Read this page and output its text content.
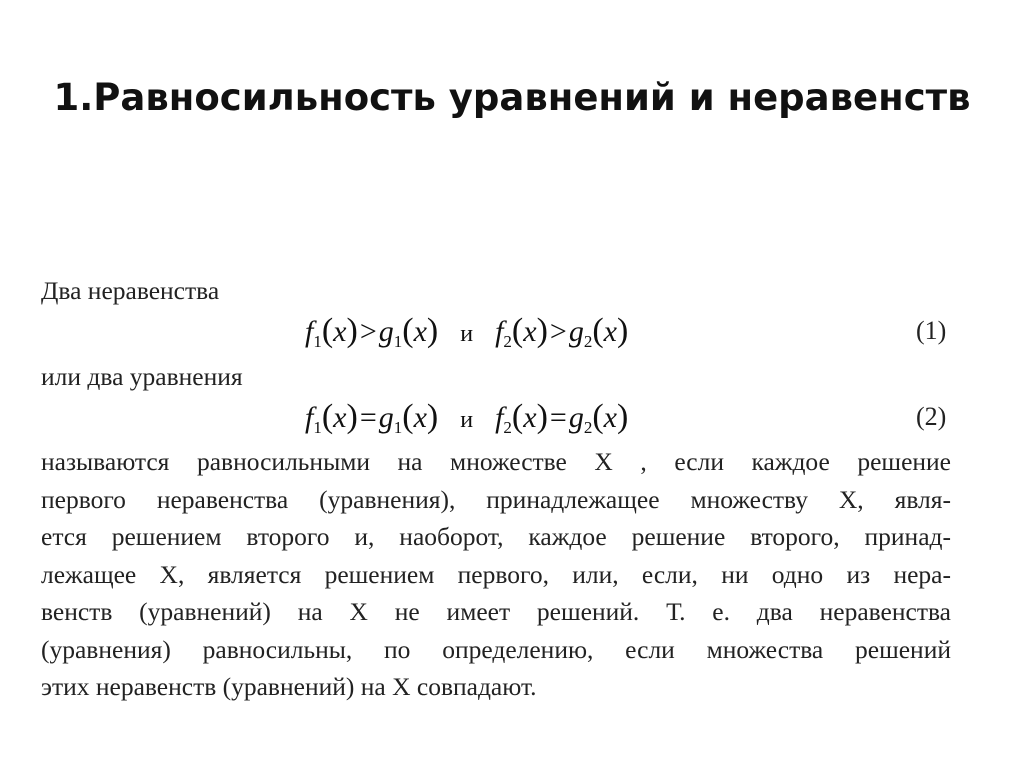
1.Равносильность уравнений и неравенств
Два неравенства
$f_1(x)>g_1(x)$ и $f_2(x)>g_2(x)$	(1)
или два уравнения
$f_1(x)=g_1(x)$ и $f_2(x)=g_2(x)$	(2)
называются равносильными на множестве X , если каждое решение
первого неравенства (уравнения), принадлежащее множеству X, явля-
ется решением второго и, наоборот, каждое решение второго, принад-
лежащее X, является решением первого, или, если, ни одно из нера-
венств (уравнений) на X не имеет решений. Т. е. два неравенства
(уравнения) равносильны, по определению, если множества решений
этих неравенств (уравнений) на X совпадают.
